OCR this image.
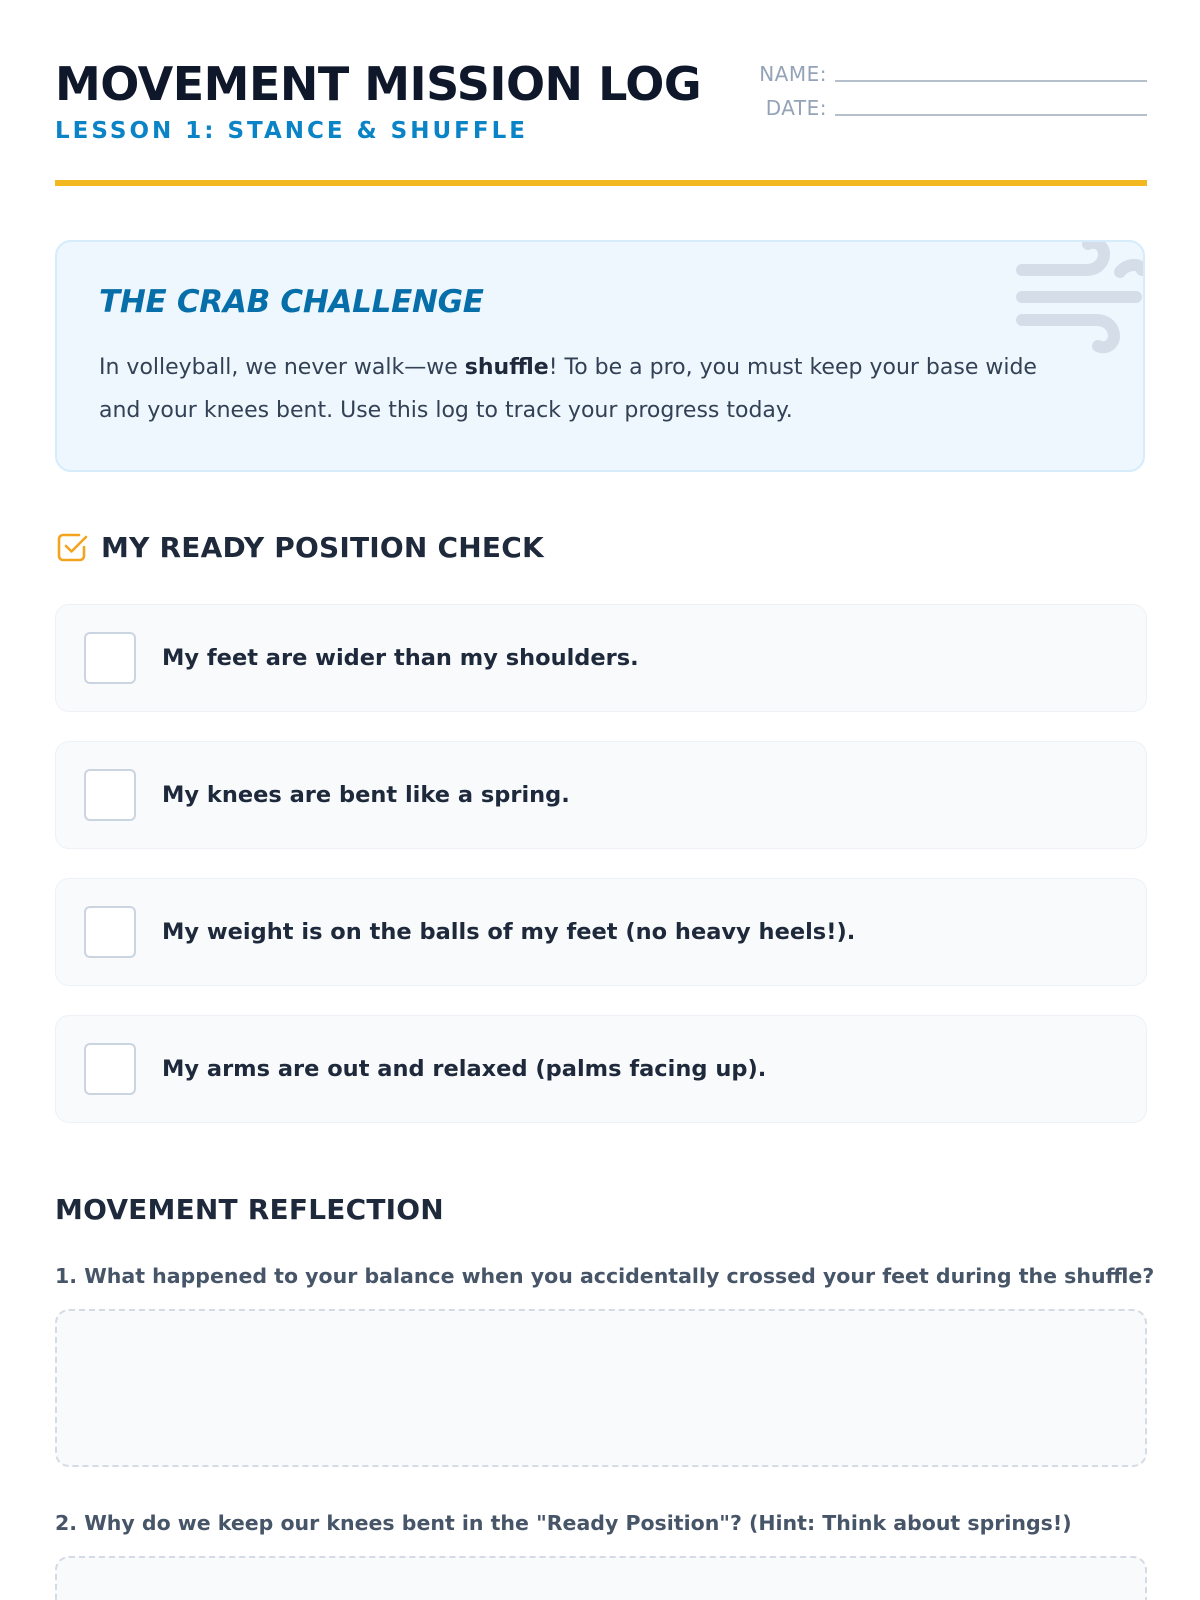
MOVEMENT MISSION LOG
LESSON 1: STANCE & SHUFFLE
NAME:
DATE:
THE CRAB CHALLENGE

In volleyball, we never walk—we shuffle! To be a pro, you must keep your base wide and your knees bent. Use this log to track your progress today.

MY READY POSITION CHECK
My feet are wider than my shoulders.
My knees are bent like a spring.
My weight is on the balls of my feet (no heavy heels!).
My arms are out and relaxed (palms facing up).
MOVEMENT REFLECTION

1. What happened to your balance when you accidentally crossed your feet during the shuffle?

2. Why do we keep our knees bent in the "Ready Position"? (Hint: Think about springs!)
